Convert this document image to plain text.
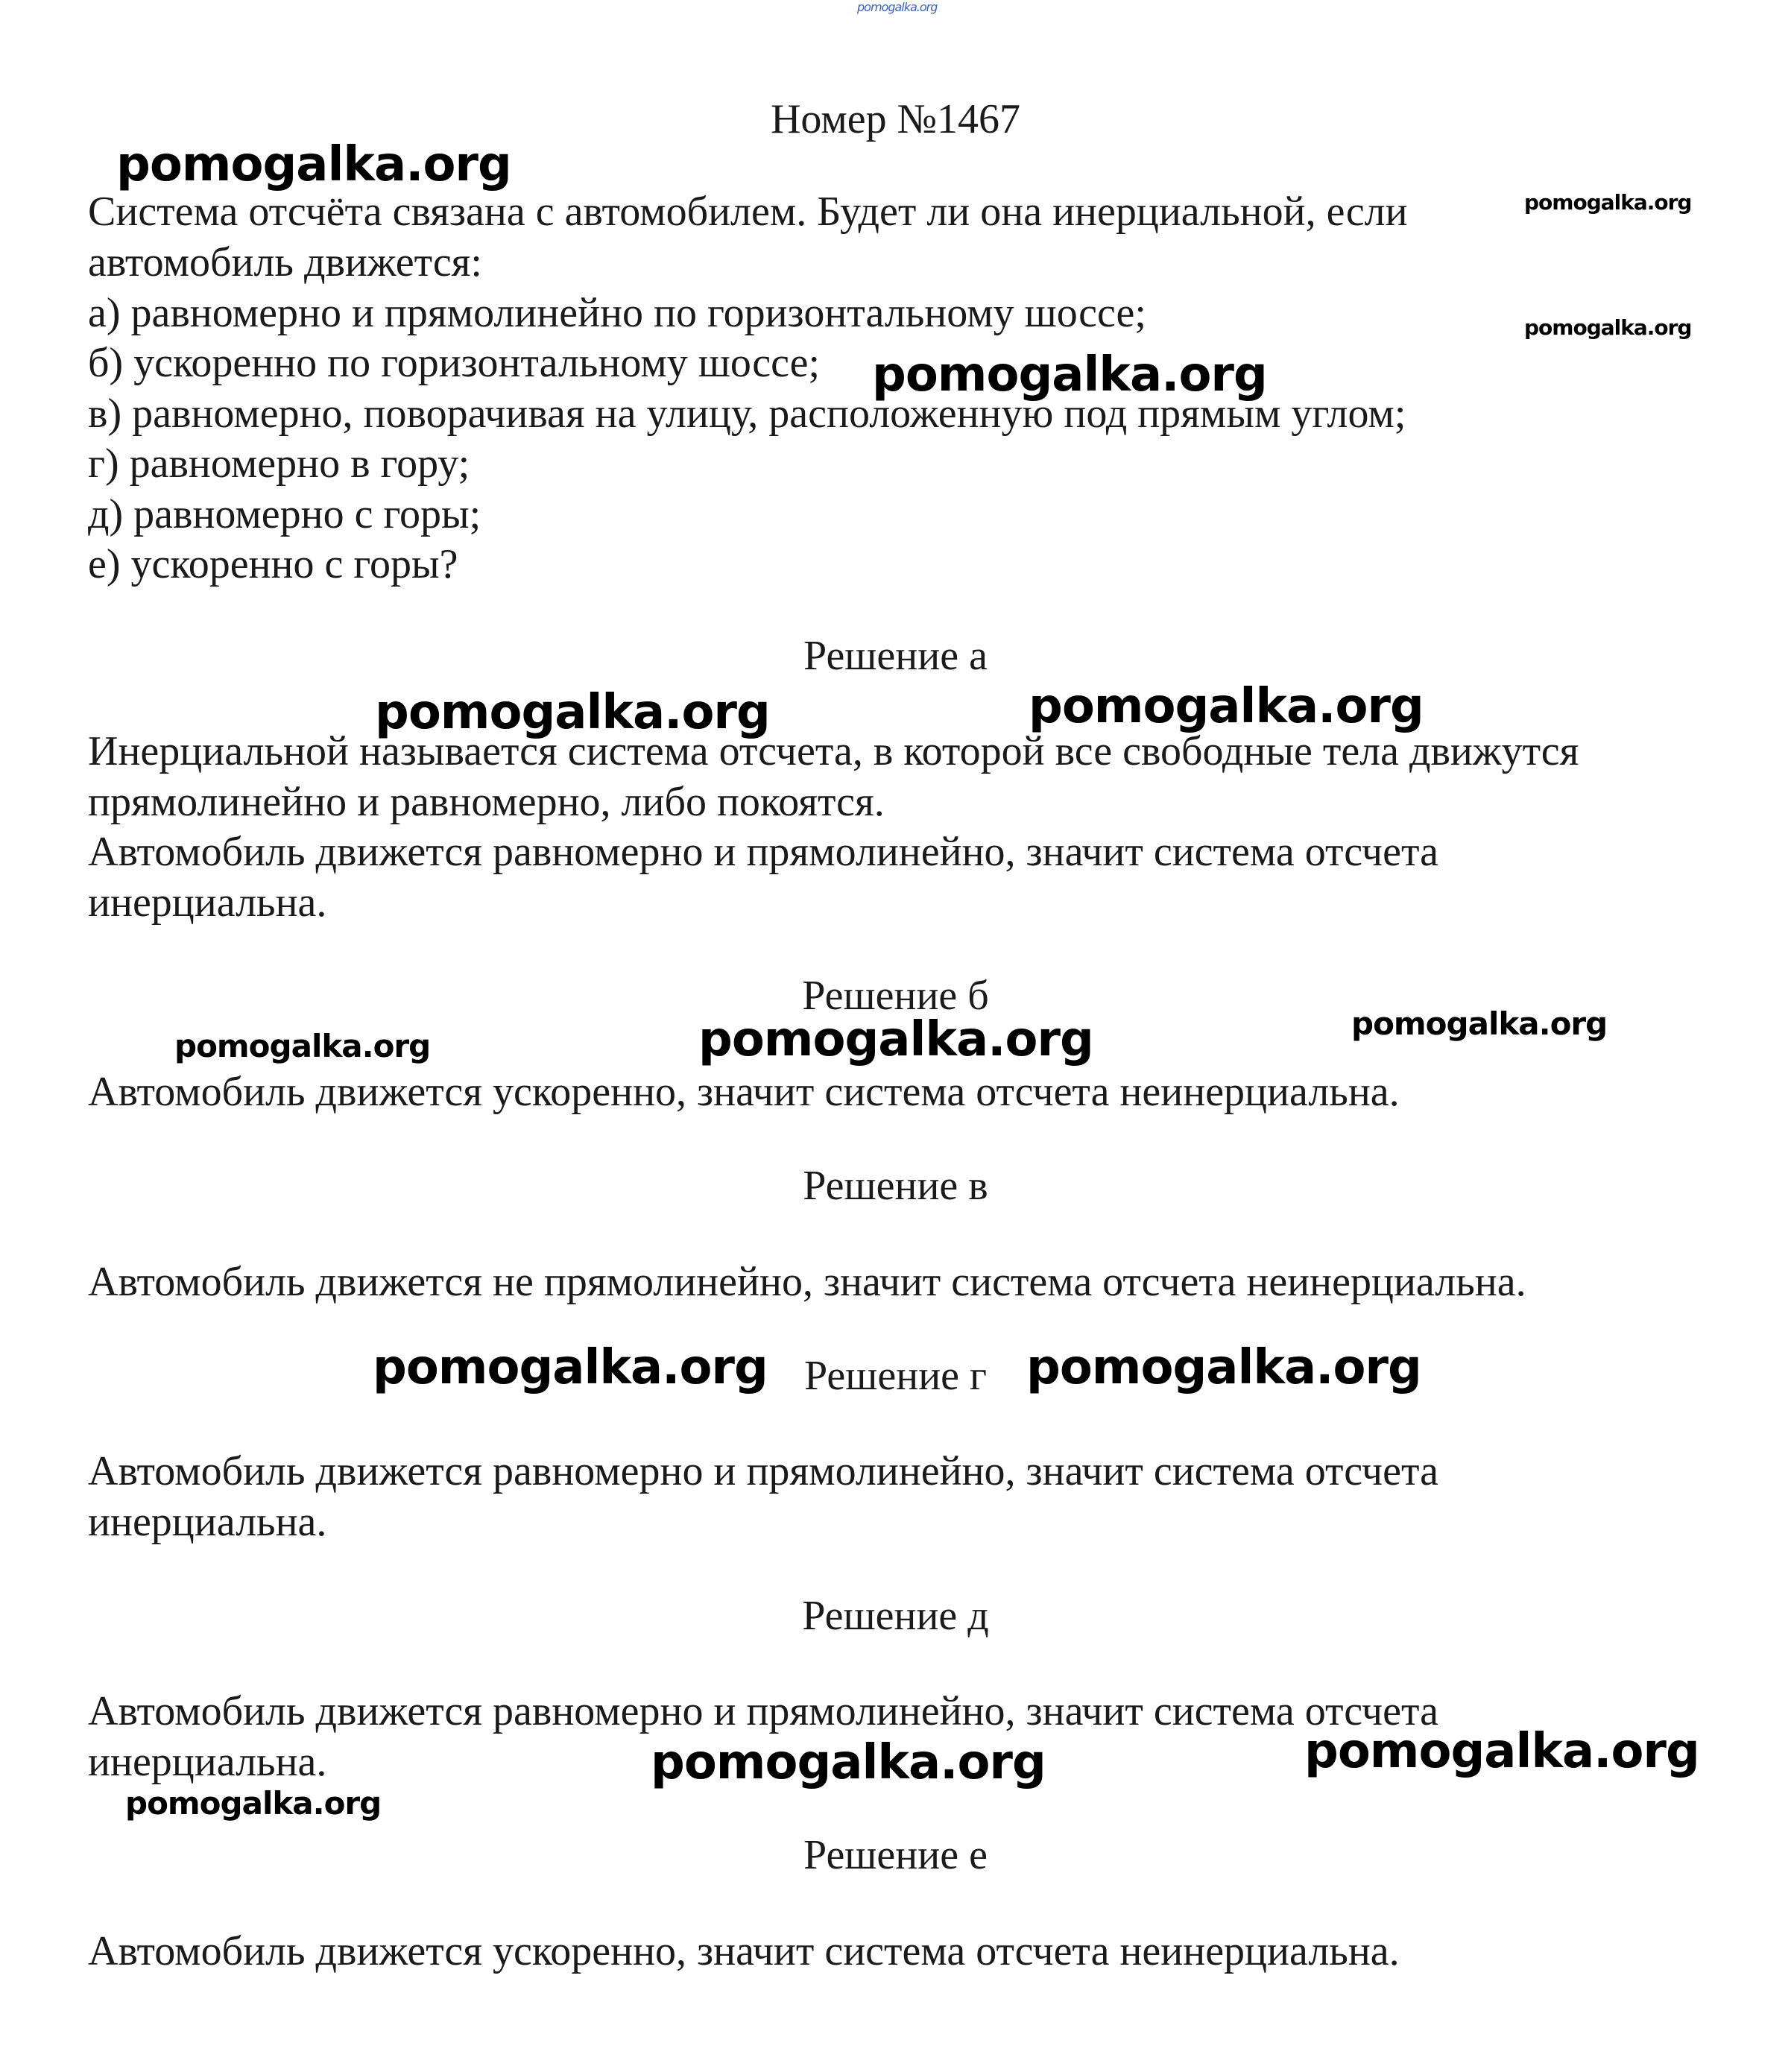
Номер №1467
Система отсчёта связана с автомобилем. Будет ли она инерциальной, если
автомобиль движется:
а) равномерно и прямолинейно по горизонтальному шоссе;
б) ускоренно по горизонтальному шоссе;
в) равномерно, поворачивая на улицу, расположенную под прямым углом;
г) равномерно в гору;
д) равномерно с горы;
е) ускоренно с горы?
Решение а
Инерциальной называется система отсчета, в которой все свободные тела движутся
прямолинейно и равномерно, либо покоятся.
Автомобиль движется равномерно и прямолинейно, значит система отсчета
инерциальна.
Решение б
Автомобиль движется ускоренно, значит система отсчета неинерциальна.
Решение в
Автомобиль движется не прямолинейно, значит система отсчета неинерциальна.
Решение г
Автомобиль движется равномерно и прямолинейно, значит система отсчета
инерциальна.
Решение д
Автомобиль движется равномерно и прямолинейно, значит система отсчета
инерциальна.
Решение е
Автомобиль движется ускоренно, значит система отсчета неинерциальна.
pomogalka.org
pomogalka.org
pomogalka.org
pomogalka.org
pomogalka.org
pomogalka.org	pomogalka.org
pomogalka.org
pomogalka.org
pomogalka.org
pomogalka.org	pomogalka.org
pomogalka.org
pomogalka.org
pomogalka.org
